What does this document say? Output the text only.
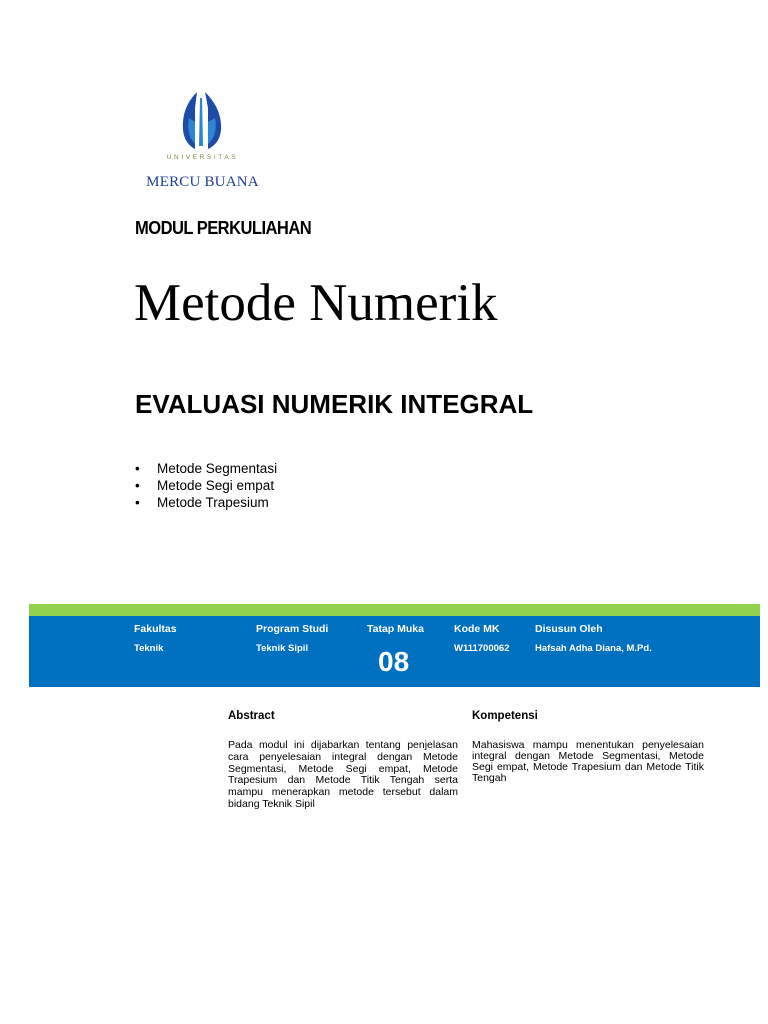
UNIVERSITAS
MERCU BUANA
MODUL PERKULIAHAN
Metode Numerik
EVALUASI NUMERIK INTEGRAL
• Metode Segmentasi
• Metode Segi empat
• Metode Trapesium
Fakultas
Teknik
Program Studi
Teknik Sipil
Tatap Muka
08
Kode MK
W111700062
Disusun Oleh
Hafsah Adha Diana, M.Pd.
Abstract

Pada modul ini dijabarkan tentang penjelasan cara penyelesaian integral dengan Metode Segmentasi, Metode Segi empat, Metode Trapesium dan Metode Titik Tengah serta mampu menerapkan metode tersebut dalam bidang Teknik Sipil

Kompetensi

Mahasiswa mampu menentukan penyelesaian integral dengan Metode Segmentasi, Metode Segi empat, Metode Trapesium dan Metode Titik Tengah
